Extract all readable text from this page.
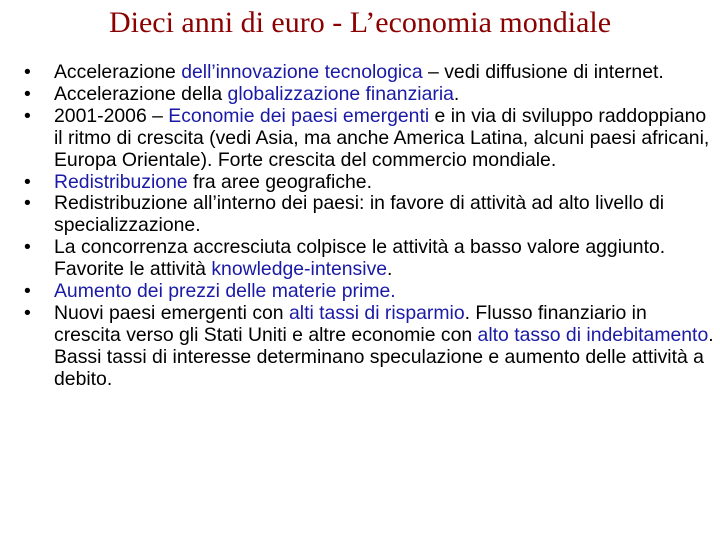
Dieci anni di euro - L’economia mondiale
•	Accelerazione dell’innovazione tecnologica – vedi diffusione di internet.
•	Accelerazione della globalizzazione finanziaria.
•	2001-2006 – Economie dei paesi emergenti e in via di sviluppo raddoppiano il ritmo di crescita (vedi Asia, ma anche America Latina, alcuni paesi africani, Europa Orientale). Forte crescita del commercio mondiale.
•	Redistribuzione fra aree geografiche.
•	Redistribuzione all’interno dei paesi: in favore di attività ad alto livello di specializzazione.
•	La concorrenza accresciuta colpisce le attività a basso valore aggiunto. Favorite le attività knowledge-intensive.
•	Aumento dei prezzi delle materie prime.
•	Nuovi paesi emergenti con alti tassi di risparmio. Flusso finanziario in crescita verso gli Stati Uniti e altre economie con alto tasso di indebitamento. Bassi tassi di interesse determinano speculazione e aumento delle attività a debito.
